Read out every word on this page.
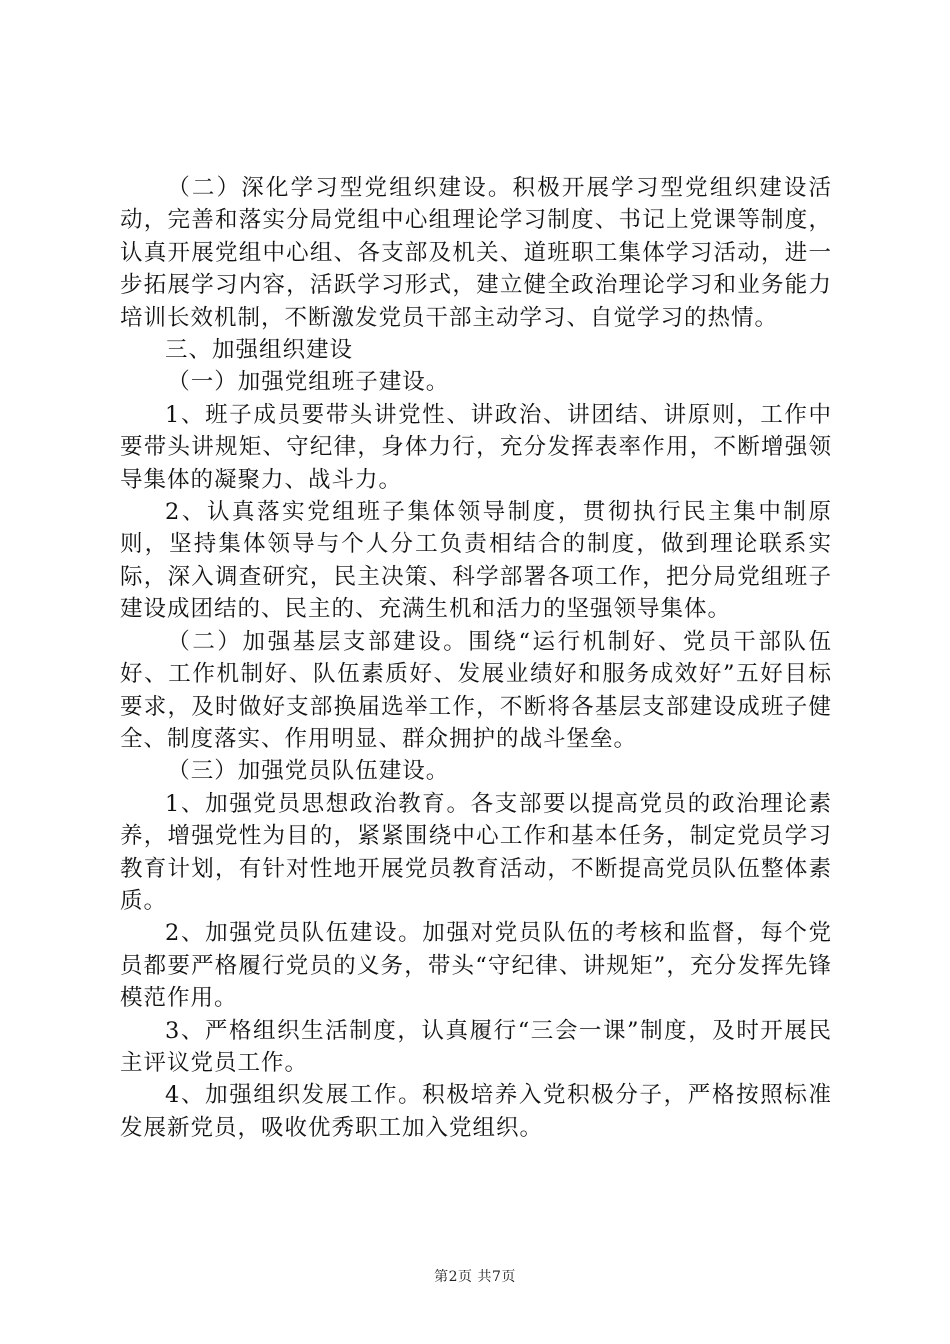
（二）深化学习型党组织建设。积极开展学习型党组织建设活动，完善和落实分局党组中心组理论学习制度、书记上党课等制度，认真开展党组中心组、各支部及机关、道班职工集体学习活动，进一步拓展学习内容，活跃学习形式，建立健全政治理论学习和业务能力培训长效机制，不断激发党员干部主动学习、自觉学习的热情。

三、加强组织建设

（一）加强党组班子建设。

1、班子成员要带头讲党性、讲政治、讲团结、讲原则，工作中要带头讲规矩、守纪律，身体力行，充分发挥表率作用，不断增强领导集体的凝聚力、战斗力。

2、认真落实党组班子集体领导制度，贯彻执行民主集中制原则，坚持集体领导与个人分工负责相结合的制度，做到理论联系实际，深入调查研究，民主决策、科学部署各项工作，把分局党组班子建设成团结的、民主的、充满生机和活力的坚强领导集体。

（二）加强基层支部建设。围绕“运行机制好、党员干部队伍好、工作机制好、队伍素质好、发展业绩好和服务成效好”五好目标要求，及时做好支部换届选举工作，不断将各基层支部建设成班子健全、制度落实、作用明显、群众拥护的战斗堡垒。

（三）加强党员队伍建设。

1、加强党员思想政治教育。各支部要以提高党员的政治理论素养，增强党性为目的，紧紧围绕中心工作和基本任务，制定党员学习教育计划，有针对性地开展党员教育活动，不断提高党员队伍整体素质。

2、加强党员队伍建设。加强对党员队伍的考核和监督，每个党员都要严格履行党员的义务，带头“守纪律、讲规矩”，充分发挥先锋模范作用。

3、严格组织生活制度，认真履行“三会一课”制度，及时开展民主评议党员工作。

4、加强组织发展工作。积极培养入党积极分子，严格按照标准发展新党员，吸收优秀职工加入党组织。

第2页 共7页
